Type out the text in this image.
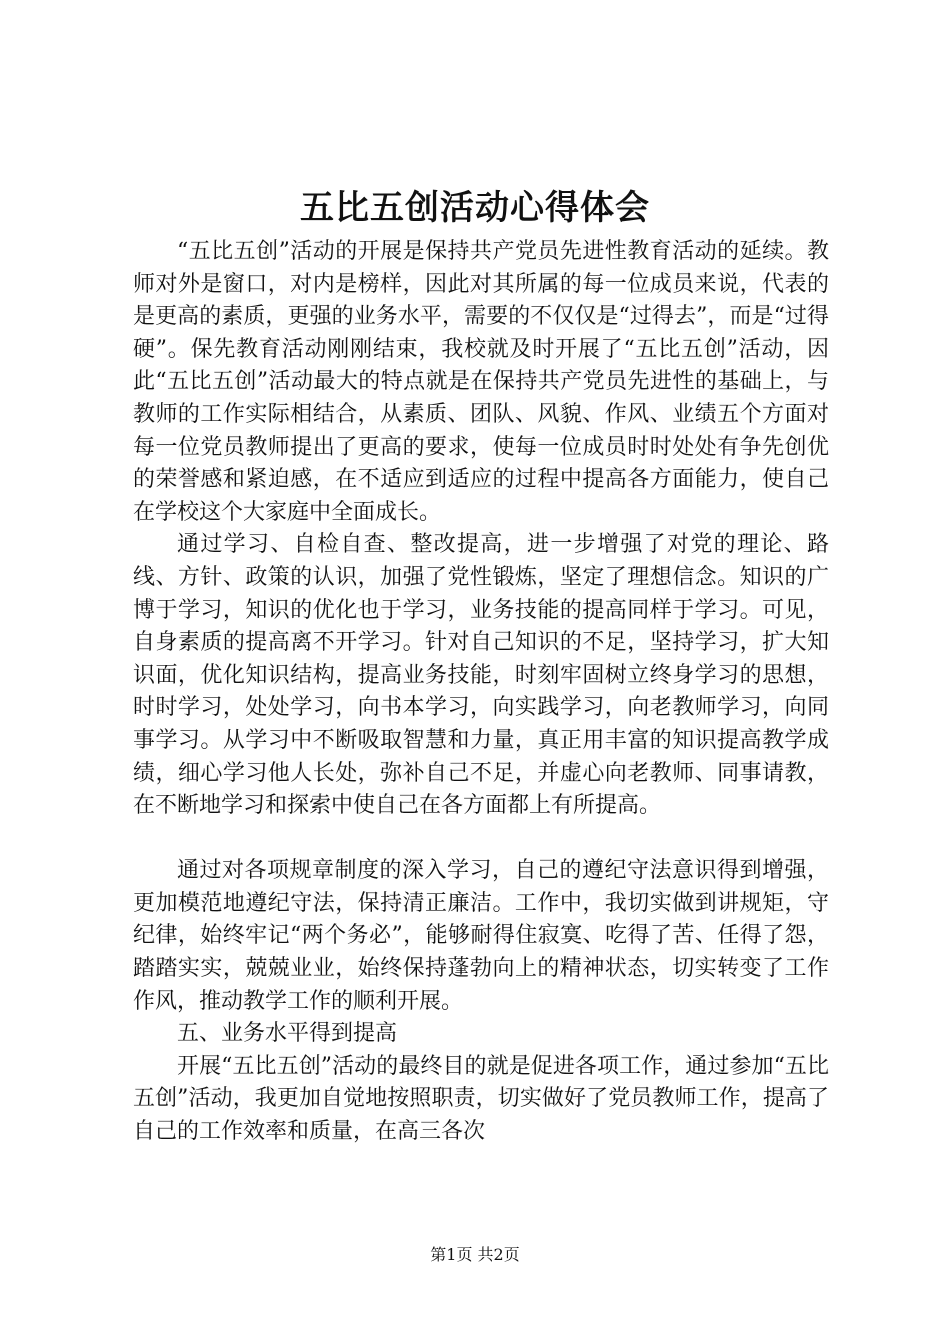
五比五创活动心得体会

“五比五创”活动的开展是保持共产党员先进性教育活动的延续。教师对外是窗口，对内是榜样，因此对其所属的每一位成员来说，代表的是更高的素质，更强的业务水平，需要的不仅仅是“过得去”，而是“过得硬”。保先教育活动刚刚结束，我校就及时开展了“五比五创”活动，因此“五比五创”活动最大的特点就是在保持共产党员先进性的基础上，与教师的工作实际相结合，从素质、团队、风貌、作风、业绩五个方面对每一位党员教师提出了更高的要求，使每一位成员时时处处有争先创优的荣誉感和紧迫感，在不适应到适应的过程中提高各方面能力，使自己在学校这个大家庭中全面成长。

通过学习、自检自查、整改提高，进一步增强了对党的理论、路线、方针、政策的认识，加强了党性锻炼，坚定了理想信念。知识的广博于学习，知识的优化也于学习，业务技能的提高同样于学习。可见，自身素质的提高离不开学习。针对自己知识的不足，坚持学习，扩大知识面，优化知识结构，提高业务技能，时刻牢固树立终身学习的思想，时时学习，处处学习，向书本学习，向实践学习，向老教师学习，向同事学习。从学习中不断吸取智慧和力量，真正用丰富的知识提高教学成绩，细心学习他人长处，弥补自己不足，并虚心向老教师、同事请教，在不断地学习和探索中使自己在各方面都上有所提高。

通过对各项规章制度的深入学习，自己的遵纪守法意识得到增强，更加模范地遵纪守法，保持清正廉洁。工作中，我切实做到讲规矩，守纪律，始终牢记“两个务必”，能够耐得住寂寞、吃得了苦、任得了怨，踏踏实实，兢兢业业，始终保持蓬勃向上的精神状态，切实转变了工作作风，推动教学工作的顺利开展。

五、业务水平得到提高

开展“五比五创”活动的最终目的就是促进各项工作，通过参加“五比五创”活动，我更加自觉地按照职责，切实做好了党员教师工作，提高了自己的工作效率和质量，在高三各次

第1页 共2页
